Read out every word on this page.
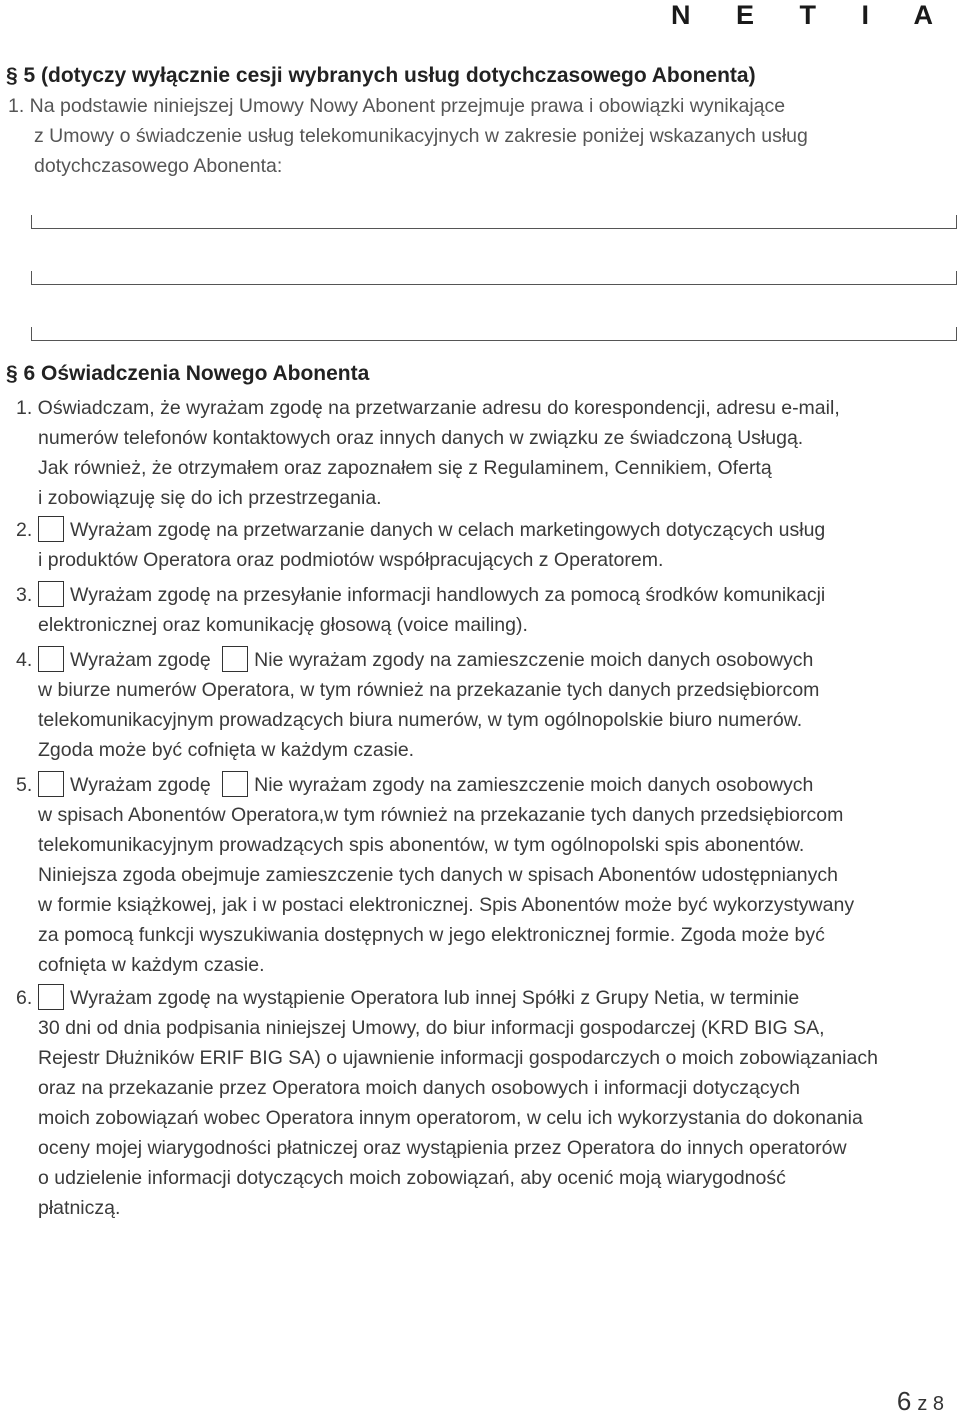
N E T I A
§ 5 (dotyczy wyłącznie cesji wybranych usług dotychczasowego Abonenta)
1. Na podstawie niniejszej Umowy Nowy Abonent przejmuje prawa i obowiązki wynikające
z Umowy o świadczenie usług telekomunikacyjnych w zakresie poniżej wskazanych usług
dotychczasowego Abonenta:
§ 6 Oświadczenia Nowego Abonenta
1. Oświadczam, że wyrażam zgodę na przetwarzanie adresu do korespondencji, adresu e-mail,
numerów telefonów kontaktowych oraz innych danych w związku ze świadczoną Usługą.
Jak również, że otrzymałem oraz zapoznałem się z Regulaminem, Cennikiem, Ofertą
i zobowiązuję się do ich przestrzegania.
2.	Wyrażam zgodę na przetwarzanie danych w celach marketingowych dotyczących usług
i produktów Operatora oraz podmiotów współpracujących z Operatorem.
3.	Wyrażam zgodę na przesyłanie informacji handlowych za pomocą środków komunikacji
elektronicznej oraz komunikację głosową (voice mailing).
4.	Wyrażam zgodę Nie wyrażam zgody na zamieszczenie moich danych osobowych
w biurze numerów Operatora, w tym również na przekazanie tych danych przedsiębiorcom
telekomunikacyjnym prowadzących biura numerów, w tym ogólnopolskie biuro numerów.
Zgoda może być cofnięta w każdym czasie.
5.	Wyrażam zgodę Nie wyrażam zgody na zamieszczenie moich danych osobowych
w spisach Abonentów Operatora,w tym również na przekazanie tych danych przedsiębiorcom
telekomunikacyjnym prowadzących spis abonentów, w tym ogólnopolski spis abonentów.
Niniejsza zgoda obejmuje zamieszczenie tych danych w spisach Abonentów udostępnianych
w formie książkowej, jak i w postaci elektronicznej. Spis Abonentów może być wykorzystywany
za pomocą funkcji wyszukiwania dostępnych w jego elektronicznej formie. Zgoda może być
cofnięta w każdym czasie.
6.	Wyrażam zgodę na wystąpienie Operatora lub innej Spółki z Grupy Netia, w terminie
30 dni od dnia podpisania niniejszej Umowy, do biur informacji gospodarczej (KRD BIG SA,
Rejestr Dłużników ERIF BIG SA) o ujawnienie informacji gospodarczych o moich zobowiązaniach
oraz na przekazanie przez Operatora moich danych osobowych i informacji dotyczących
moich zobowiązań wobec Operatora innym operatorom, w celu ich wykorzystania do dokonania
oceny mojej wiarygodności płatniczej oraz wystąpienia przez Operatora do innych operatorów
o udzielenie informacji dotyczących moich zobowiązań, aby ocenić moją wiarygodność
płatniczą.
6 z 8
